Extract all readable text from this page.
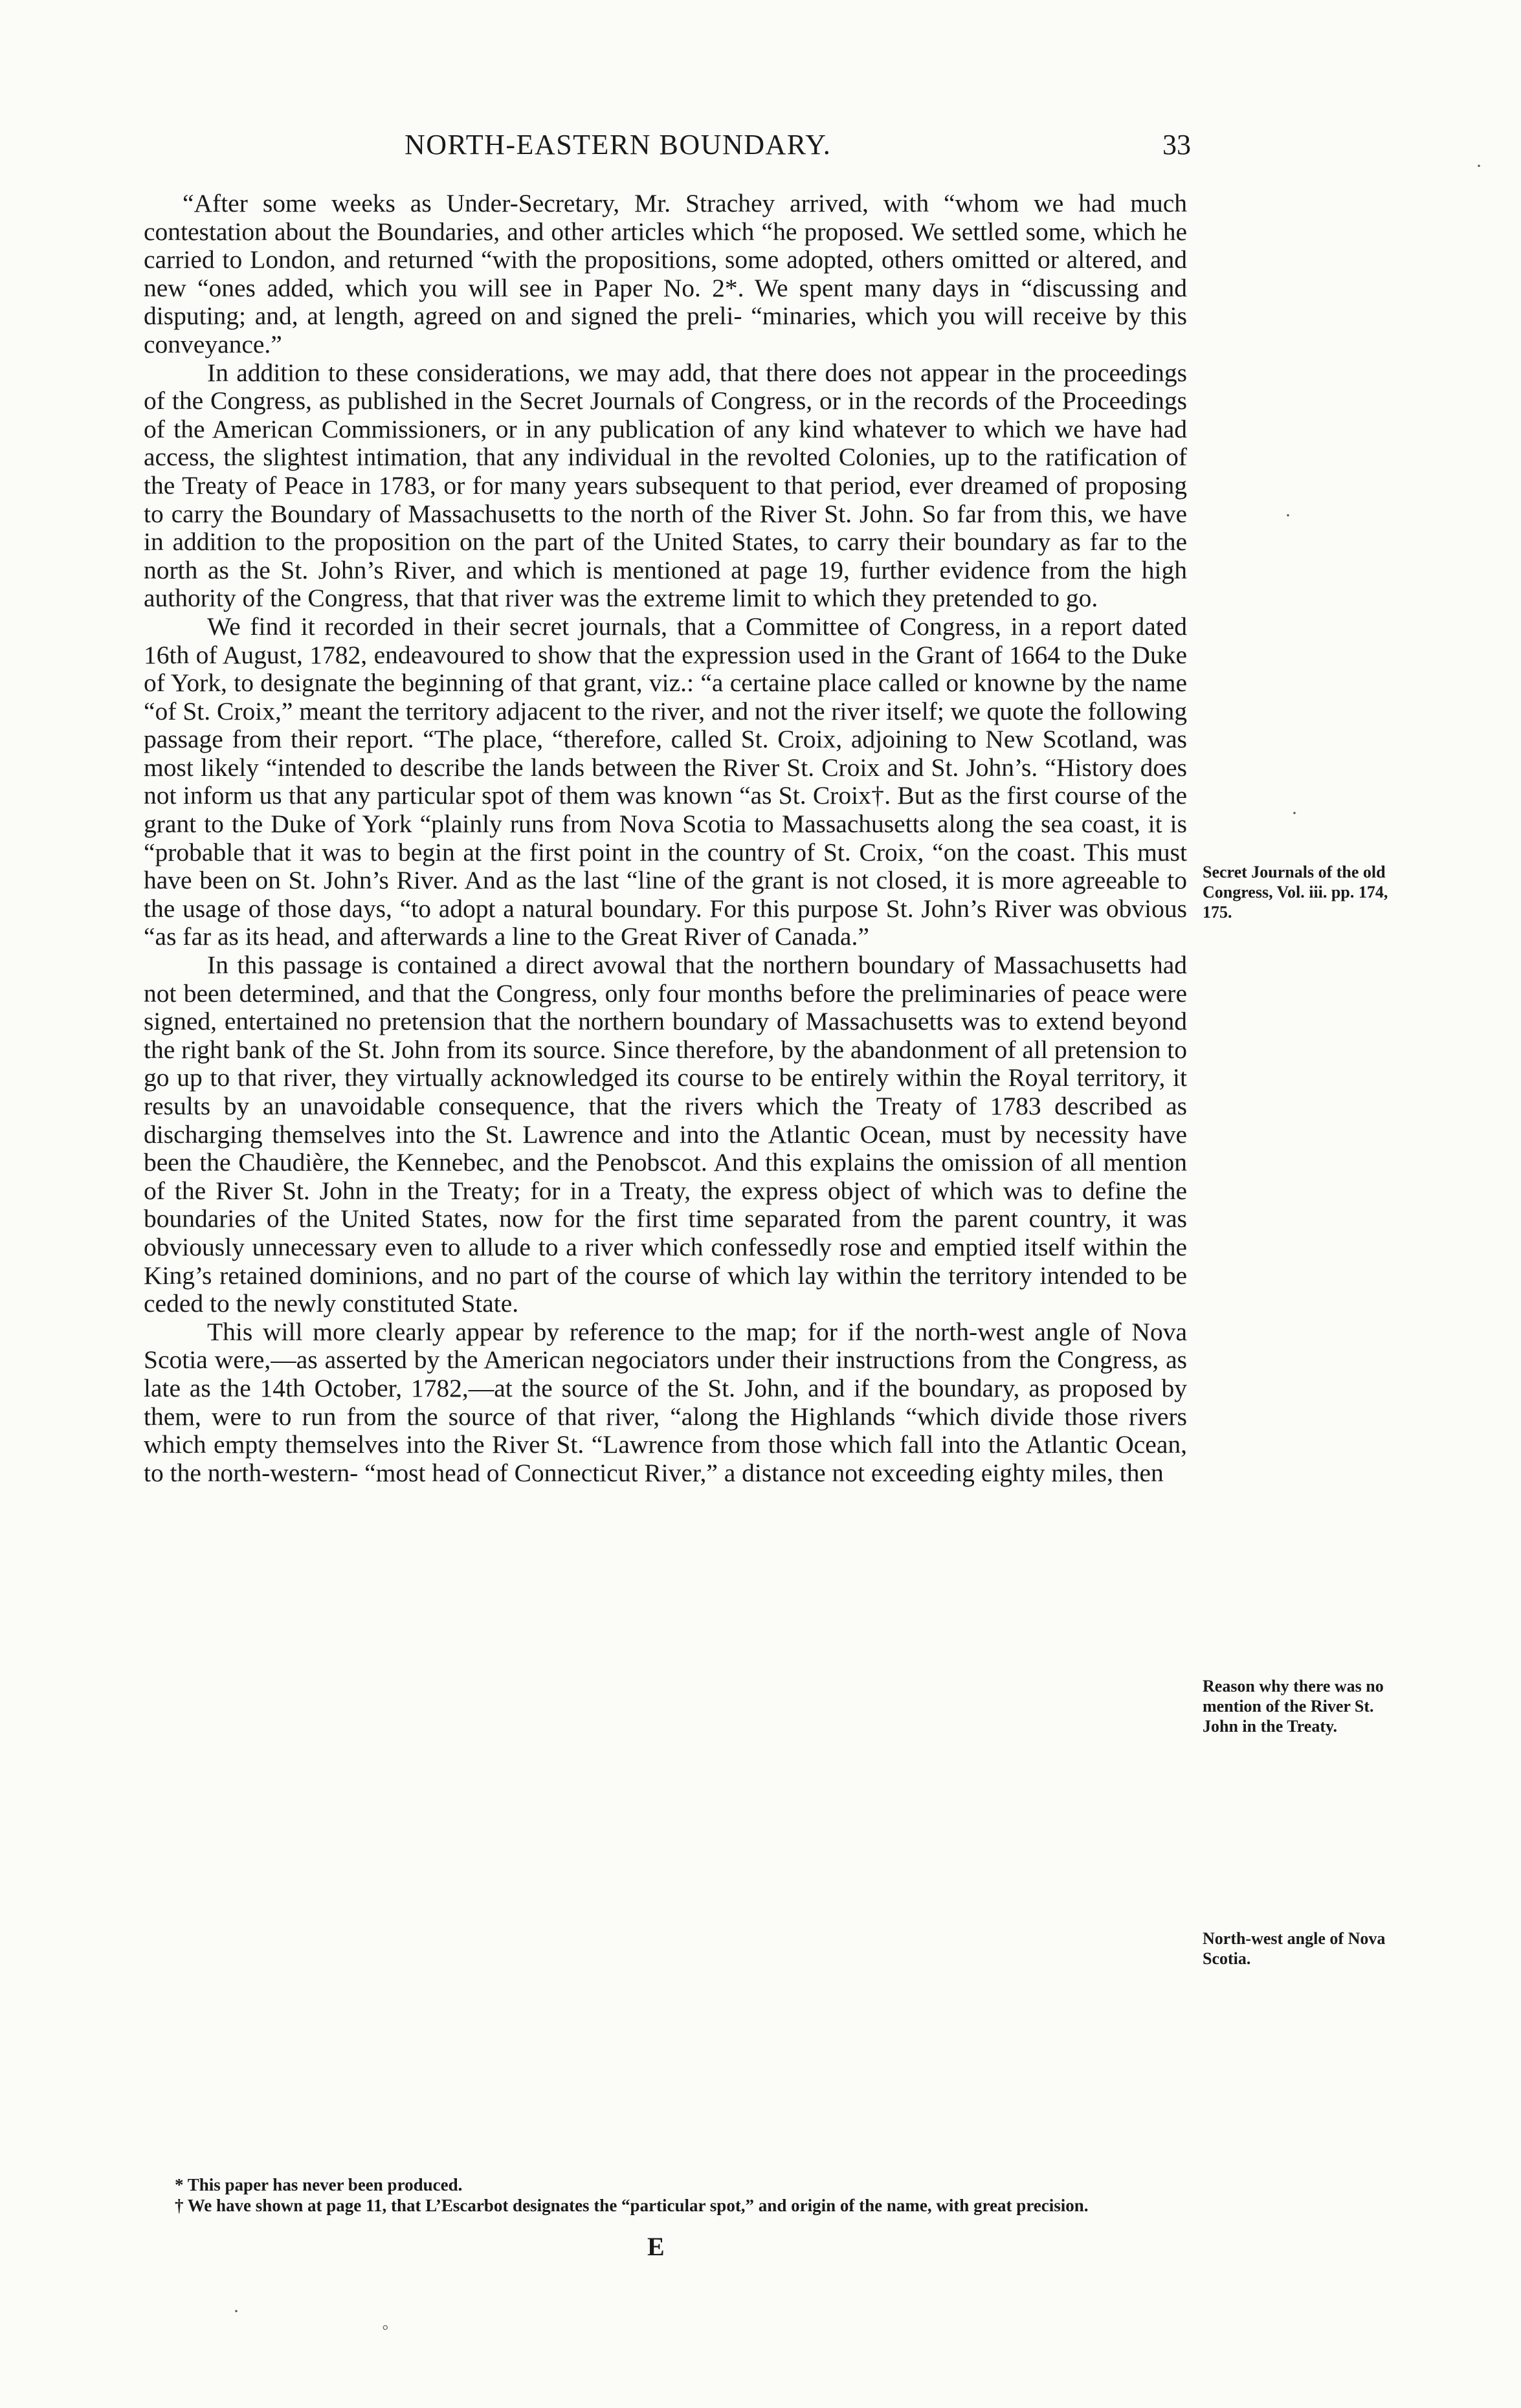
NORTH-EASTERN BOUNDARY.	33

“After some weeks as Under-Secretary, Mr. Strachey arrived, with “whom we had much contestation about the Boundaries, and other articles which “he proposed. We settled some, which he carried to London, and returned “with the propositions, some adopted, others omitted or altered, and new “ones added, which you will see in Paper No. 2*. We spent many days in “discussing and disputing; and, at length, agreed on and signed the preli- “minaries, which you will receive by this conveyance.”

In addition to these considerations, we may add, that there does not appear in the proceedings of the Congress, as published in the Secret Journals of Congress, or in the records of the Proceedings of the American Commissioners, or in any publication of any kind whatever to which we have had access, the slightest intimation, that any individual in the revolted Colonies, up to the ratification of the Treaty of Peace in 1783, or for many years subsequent to that period, ever dreamed of proposing to carry the Boundary of Massachusetts to the north of the River St. John. So far from this, we have in addition to the proposition on the part of the United States, to carry their boundary as far to the north as the St. John’s River, and which is mentioned at page 19, further evidence from the high authority of the Congress, that that river was the extreme limit to which they pretended to go.

We find it recorded in their secret journals, that a Committee of Congress, in a report dated 16th of August, 1782, endeavoured to show that the expression used in the Grant of 1664 to the Duke of York, to designate the beginning of that grant, viz.: “a certaine place called or knowne by the name “of St. Croix,” meant the territory adjacent to the river, and not the river itself; we quote the following passage from their report. “The place, “therefore, called St. Croix, adjoining to New Scotland, was most likely “intended to describe the lands between the River St. Croix and St. John’s. “History does not inform us that any particular spot of them was known “as St. Croix†. But as the first course of the grant to the Duke of York “plainly runs from Nova Scotia to Massachusetts along the sea coast, it is “probable that it was to begin at the first point in the country of St. Croix, “on the coast. This must have been on St. John’s River. And as the last “line of the grant is not closed, it is more agreeable to the usage of those days, “to adopt a natural boundary. For this purpose St. John’s River was obvious “as far as its head, and afterwards a line to the Great River of Canada.”

In this passage is contained a direct avowal that the northern boundary of Massachusetts had not been determined, and that the Congress, only four months before the preliminaries of peace were signed, entertained no pretension that the northern boundary of Massachusetts was to extend beyond the right bank of the St. John from its source. Since therefore, by the abandonment of all pretension to go up to that river, they virtually acknowledged its course to be entirely within the Royal territory, it results by an unavoidable consequence, that the rivers which the Treaty of 1783 described as discharging themselves into the St. Lawrence and into the Atlantic Ocean, must by necessity have been the Chaudière, the Kennebec, and the Penobscot. And this explains the omission of all mention of the River St. John in the Treaty; for in a Treaty, the express object of which was to define the boundaries of the United States, now for the first time separated from the parent country, it was obviously unnecessary even to allude to a river which confessedly rose and emptied itself within the King’s retained dominions, and no part of the course of which lay within the territory intended to be ceded to the newly constituted State.

This will more clearly appear by reference to the map; for if the north-west angle of Nova Scotia were,—as asserted by the American negociators under their instructions from the Congress, as late as the 14th October, 1782,—at the source of the St. John, and if the boundary, as proposed by them, were to run from the source of that river, “along the Highlands “which divide those rivers which empty themselves into the River St. “Lawrence from those which fall into the Atlantic Ocean, to the north-western- “most head of Connecticut River,” a distance not exceeding eighty miles, then

Secret Journals of the old Congress, Vol. iii. pp. 174, 175.
Reason why there was no mention of the River St. John in the Treaty.
North-west angle of Nova Scotia.

* This paper has never been produced.

† We have shown at page 11, that L’Escarbot designates the “particular spot,” and origin of the name, with great precision.

E
·
·
·
·
◦
